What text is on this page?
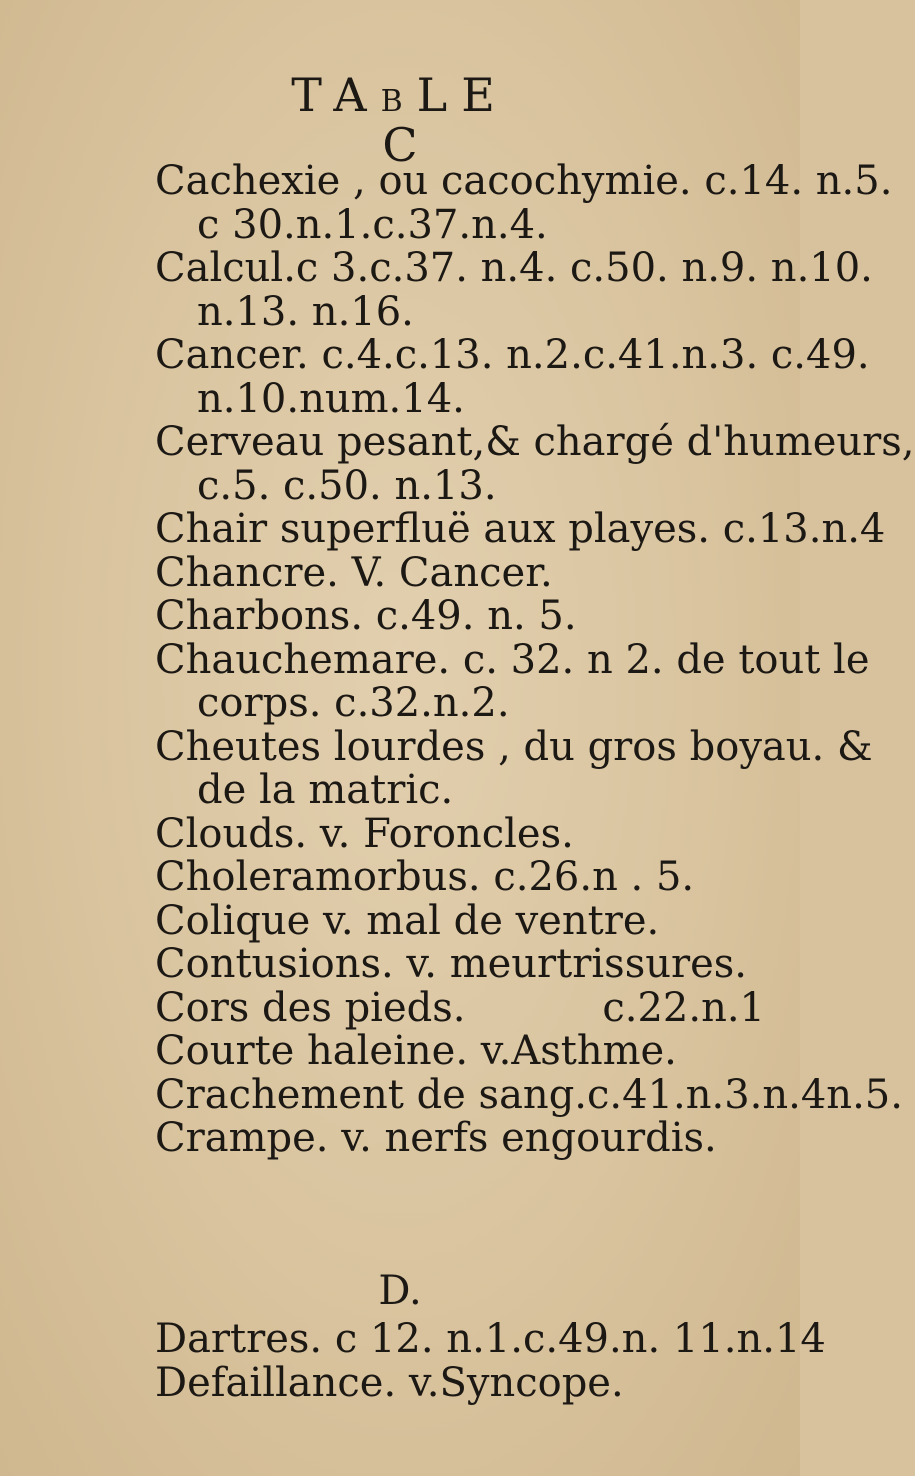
TABLE
C
Cachexie , ou cacochymie. c.14. n.5.
c 30.n.1.c.37.n.4.
Calcul.c 3.c.37. n.4. c.50. n.9. n.10.
n.13. n.16.
Cancer. c.4.c.13. n.2.c.41.n.3. c.49.
n.10.num.14.
Cerveau pesant,& chargé d'humeurs,
c.5. c.50. n.13.
Chair superfluë aux playes. c.13.n.4
Chancre. V. Cancer.
Charbons. c.49. n. 5.
Chauchemare. c. 32. n 2. de tout le
corps. c.32.n.2.
Cheutes lourdes , du gros boyau. &
de la matric.
Clouds. v. Foroncles.
Choleramorbus. c.26.n . 5.
Colique v. mal de ventre.
Contusions. v. meurtrissures.
Cors des pieds.	c.22.n.1
Courte haleine. v.Asthme.
Crachement de sang.c.41.n.3.n.4n.5.
Crampe. v. nerfs engourdis.
D.
Dartres. c 12. n.1.c.49.n. 11.n.14
Defaillance. v.Syncope.
